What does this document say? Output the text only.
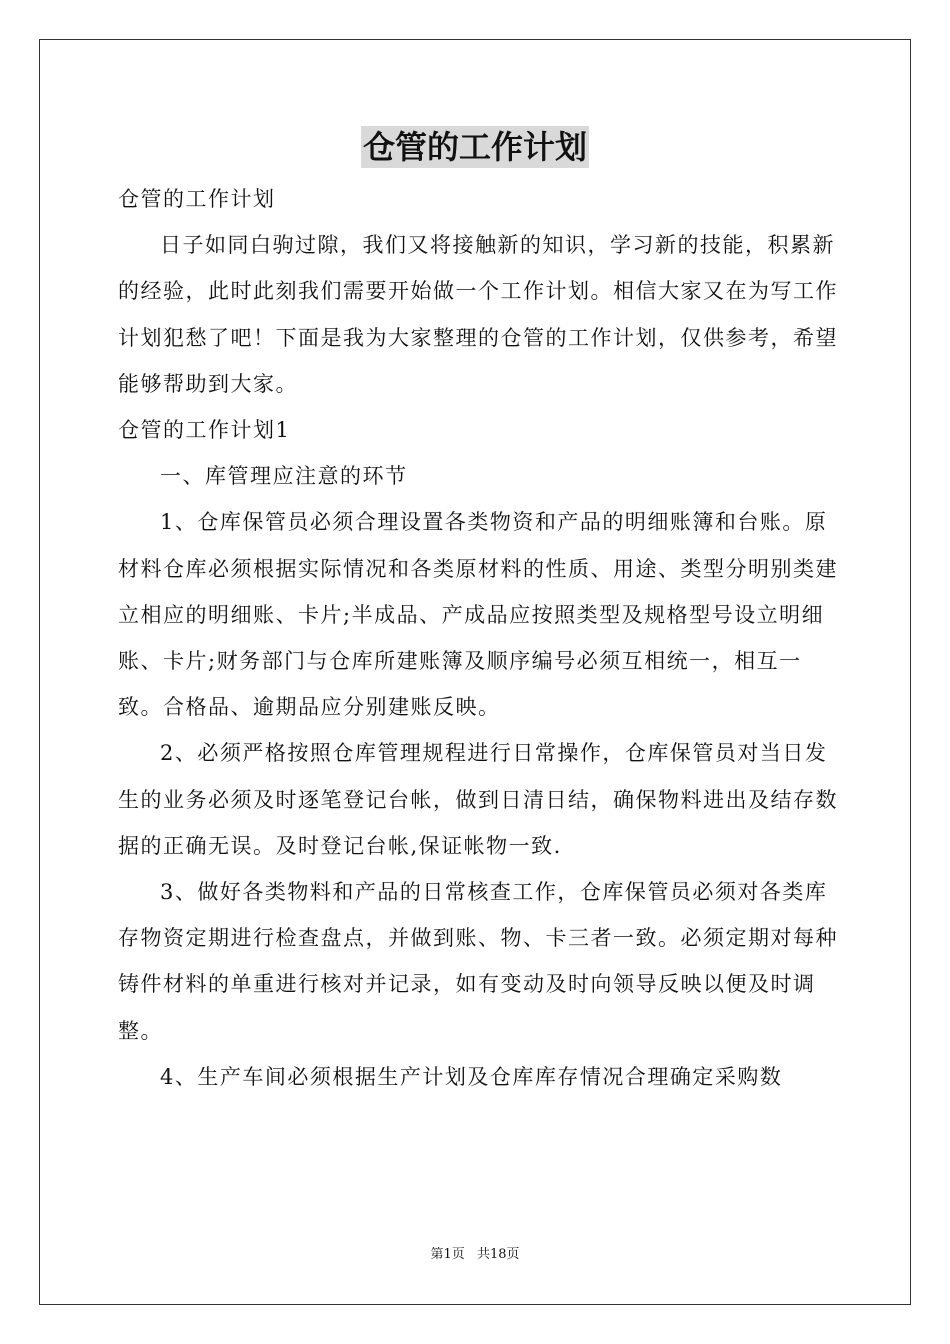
仓管的工作计划

仓管的工作计划

日子如同白驹过隙，我们又将接触新的知识，学习新的技能，积累新的经验，此时此刻我们需要开始做一个工作计划。相信大家又在为写工作计划犯愁了吧！下面是我为大家整理的仓管的工作计划，仅供参考，希望能够帮助到大家。

仓管的工作计划1

一、库管理应注意的环节

1、仓库保管员必须合理设置各类物资和产品的明细账簿和台账。原材料仓库必须根据实际情况和各类原材料的性质、用途、类型分明别类建立相应的明细账、卡片;半成品、产成品应按照类型及规格型号设立明细账、卡片;财务部门与仓库所建账簿及顺序编号必须互相统一，相互一致。合格品、逾期品应分别建账反映。

2、必须严格按照仓库管理规程进行日常操作，仓库保管员对当日发生的业务必须及时逐笔登记台帐，做到日清日结，确保物料进出及结存数据的正确无误。及时登记台帐,保证帐物一致.

3、做好各类物料和产品的日常核查工作，仓库保管员必须对各类库存物资定期进行检查盘点，并做到账、物、卡三者一致。必须定期对每种铸件材料的单重进行核对并记录，如有变动及时向领导反映以便及时调整。

4、生产车间必须根据生产计划及仓库库存情况合理确定采购数

第1页 共18页
